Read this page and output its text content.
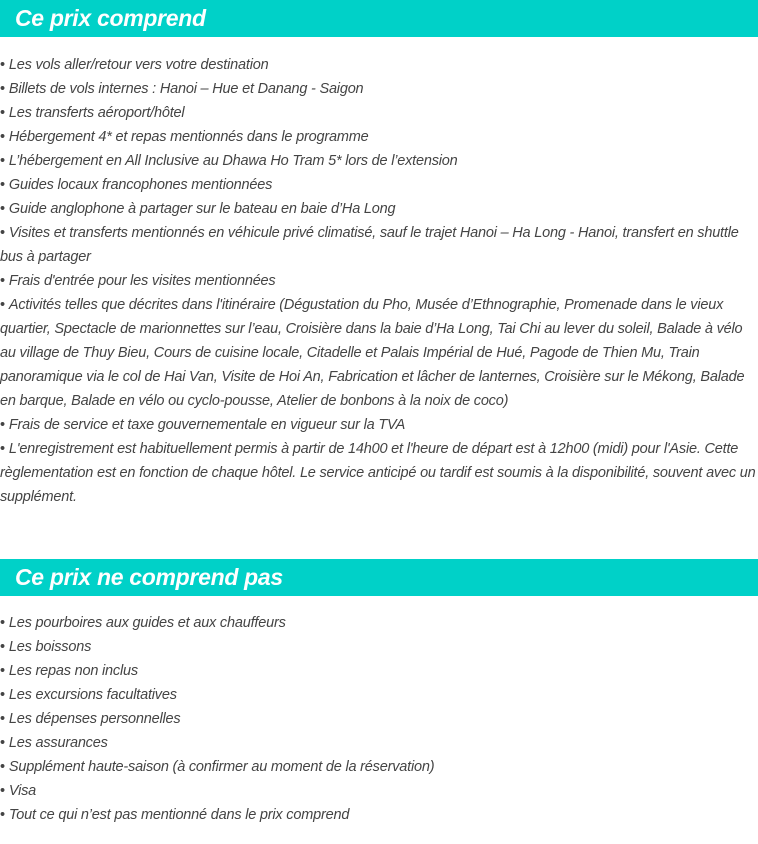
Ce prix comprend
• Les vols aller/retour vers votre destination
• Billets de vols internes : Hanoi – Hue et Danang - Saigon
• Les transferts aéroport/hôtel
• Hébergement 4* et repas mentionnés dans le programme
• L’hébergement en All Inclusive au Dhawa Ho Tram 5* lors de l’extension
• Guides locaux francophones mentionnées
• Guide anglophone à partager sur le bateau en baie d’Ha Long
• Visites et transferts mentionnés en véhicule privé climatisé, sauf le trajet Hanoi – Ha Long - Hanoi, transfert en shuttle bus à partager
• Frais d'entrée pour les visites mentionnées
• Activités telles que décrites dans l'itinéraire (Dégustation du Pho, Musée d’Ethnographie, Promenade dans le vieux quartier, Spectacle de marionnettes sur l’eau, Croisière dans la baie d’Ha Long, Tai Chi au lever du soleil, Balade à vélo au village de Thuy Bieu, Cours de cuisine locale, Citadelle et Palais Impérial de Hué, Pagode de Thien Mu, Train panoramique via le col de Hai Van, Visite de Hoi An, Fabrication et lâcher de lanternes, Croisière sur le Mékong, Balade en barque, Balade en vélo ou cyclo-pousse, Atelier de bonbons à la noix de coco)
• Frais de service et taxe gouvernementale en vigueur sur la TVA
• L'enregistrement est habituellement permis à partir de 14h00 et l'heure de départ est à 12h00 (midi) pour l'Asie. Cette règlementation est en fonction de chaque hôtel. Le service anticipé ou tardif est soumis à la disponibilité, souvent avec un supplément.
Ce prix ne comprend pas
• Les pourboires aux guides et aux chauffeurs
• Les boissons
• Les repas non inclus
• Les excursions facultatives
• Les dépenses personnelles
• Les assurances
• Supplément haute-saison (à confirmer au moment de la réservation)
• Visa
• Tout ce qui n’est pas mentionné dans le prix comprend
